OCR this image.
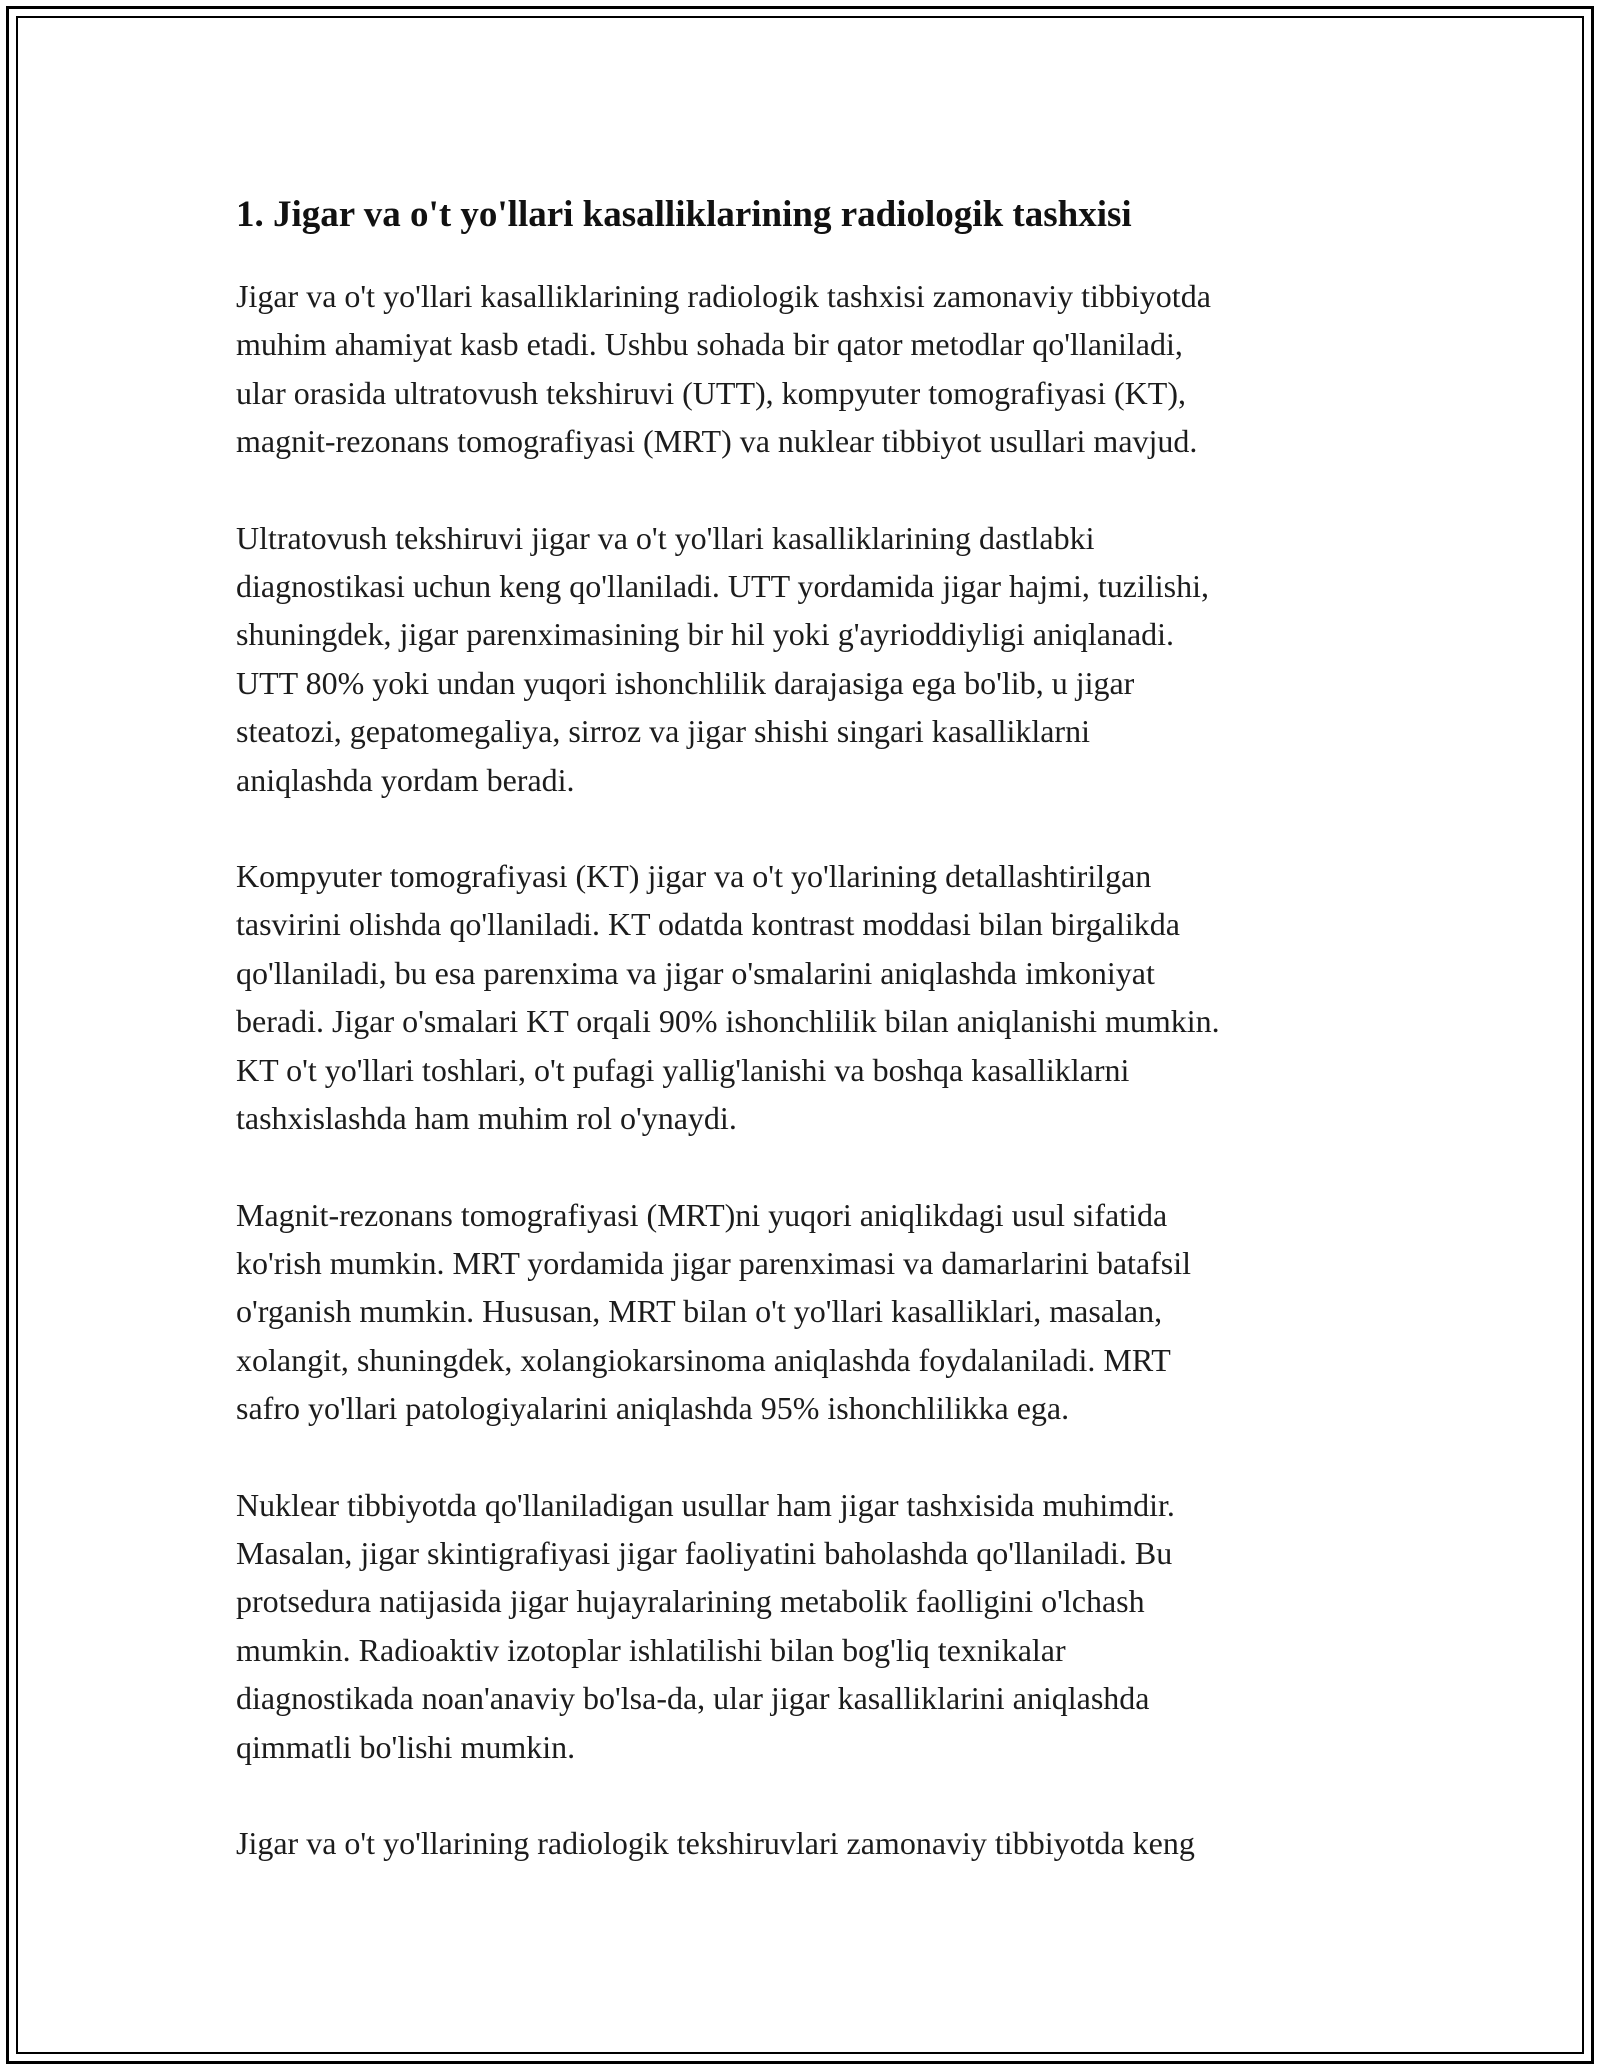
1. Jigar va o't yo'llari kasalliklarining radiologik tashxisi

Jigar va o't yo'llari kasalliklarining radiologik tashxisi zamonaviy tibbiyotda
muhim ahamiyat kasb etadi. Ushbu sohada bir qator metodlar qo'llaniladi,
ular orasida ultratovush tekshiruvi (UTT), kompyuter tomografiyasi (KT),
magnit-rezonans tomografiyasi (MRT) va nuklear tibbiyot usullari mavjud.

Ultratovush tekshiruvi jigar va o't yo'llari kasalliklarining dastlabki
diagnostikasi uchun keng qo'llaniladi. UTT yordamida jigar hajmi, tuzilishi,
shuningdek, jigar parenximasining bir hil yoki g'ayrioddiyligi aniqlanadi.
UTT 80% yoki undan yuqori ishonchlilik darajasiga ega bo'lib, u jigar
steatozi, gepatomegaliya, sirroz va jigar shishi singari kasalliklarni
aniqlashda yordam beradi.

Kompyuter tomografiyasi (KT) jigar va o't yo'llarining detallashtirilgan
tasvirini olishda qo'llaniladi. KT odatda kontrast moddasi bilan birgalikda
qo'llaniladi, bu esa parenxima va jigar o'smalarini aniqlashda imkoniyat
beradi. Jigar o'smalari KT orqali 90% ishonchlilik bilan aniqlanishi mumkin.
KT o't yo'llari toshlari, o't pufagi yallig'lanishi va boshqa kasalliklarni
tashxislashda ham muhim rol o'ynaydi.

Magnit-rezonans tomografiyasi (MRT)ni yuqori aniqlikdagi usul sifatida
ko'rish mumkin. MRT yordamida jigar parenximasi va damarlarini batafsil
o'rganish mumkin. Hususan, MRT bilan o't yo'llari kasalliklari, masalan,
xolangit, shuningdek, xolangiokarsinoma aniqlashda foydalaniladi. MRT
safro yo'llari patologiyalarini aniqlashda 95% ishonchlilikka ega.

Nuklear tibbiyotda qo'llaniladigan usullar ham jigar tashxisida muhimdir.
Masalan, jigar skintigrafiyasi jigar faoliyatini baholashda qo'llaniladi. Bu
protsedura natijasida jigar hujayralarining metabolik faolligini o'lchash
mumkin. Radioaktiv izotoplar ishlatilishi bilan bog'liq texnikalar
diagnostikada noan'anaviy bo'lsa-da, ular jigar kasalliklarini aniqlashda
qimmatli bo'lishi mumkin.

Jigar va o't yo'llarining radiologik tekshiruvlari zamonaviy tibbiyotda keng
